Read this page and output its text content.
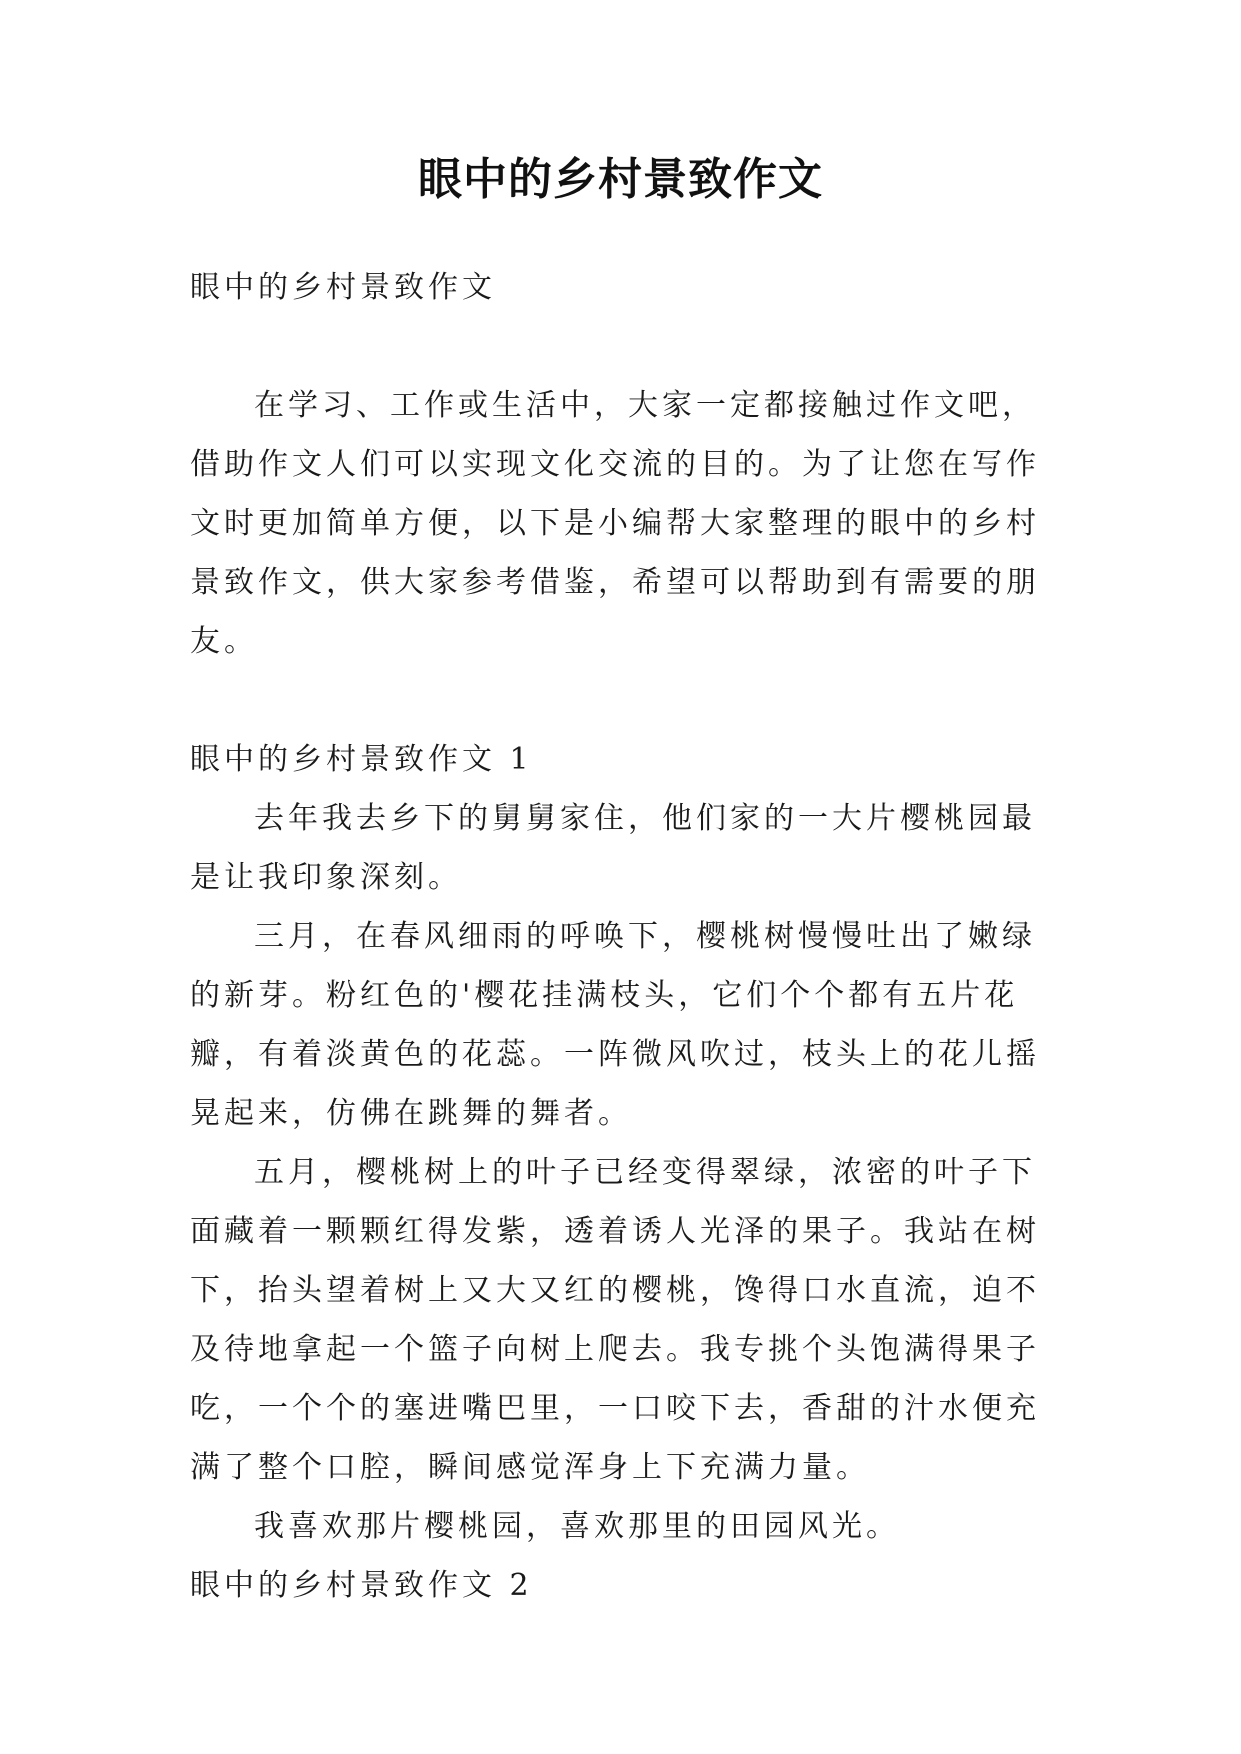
眼中的乡村景致作文

眼中的乡村景致作文

在学习、工作或生活中，大家一定都接触过作文吧，借助作文人们可以实现文化交流的目的。为了让您在写作文时更加简单方便，以下是小编帮大家整理的眼中的乡村景致作文，供大家参考借鉴，希望可以帮助到有需要的朋友。

眼中的乡村景致作文 1

去年我去乡下的舅舅家住，他们家的一大片樱桃园最是让我印象深刻。

三月，在春风细雨的呼唤下，樱桃树慢慢吐出了嫩绿的新芽。粉红色的'樱花挂满枝头，它们个个都有五片花瓣，有着淡黄色的花蕊。一阵微风吹过，枝头上的花儿摇晃起来，仿佛在跳舞的舞者。

五月，樱桃树上的叶子已经变得翠绿，浓密的叶子下面藏着一颗颗红得发紫，透着诱人光泽的果子。我站在树下，抬头望着树上又大又红的樱桃，馋得口水直流，迫不及待地拿起一个篮子向树上爬去。我专挑个头饱满得果子吃，一个个的塞进嘴巴里，一口咬下去，香甜的汁水便充满了整个口腔，瞬间感觉浑身上下充满力量。

我喜欢那片樱桃园，喜欢那里的田园风光。

眼中的乡村景致作文 2
